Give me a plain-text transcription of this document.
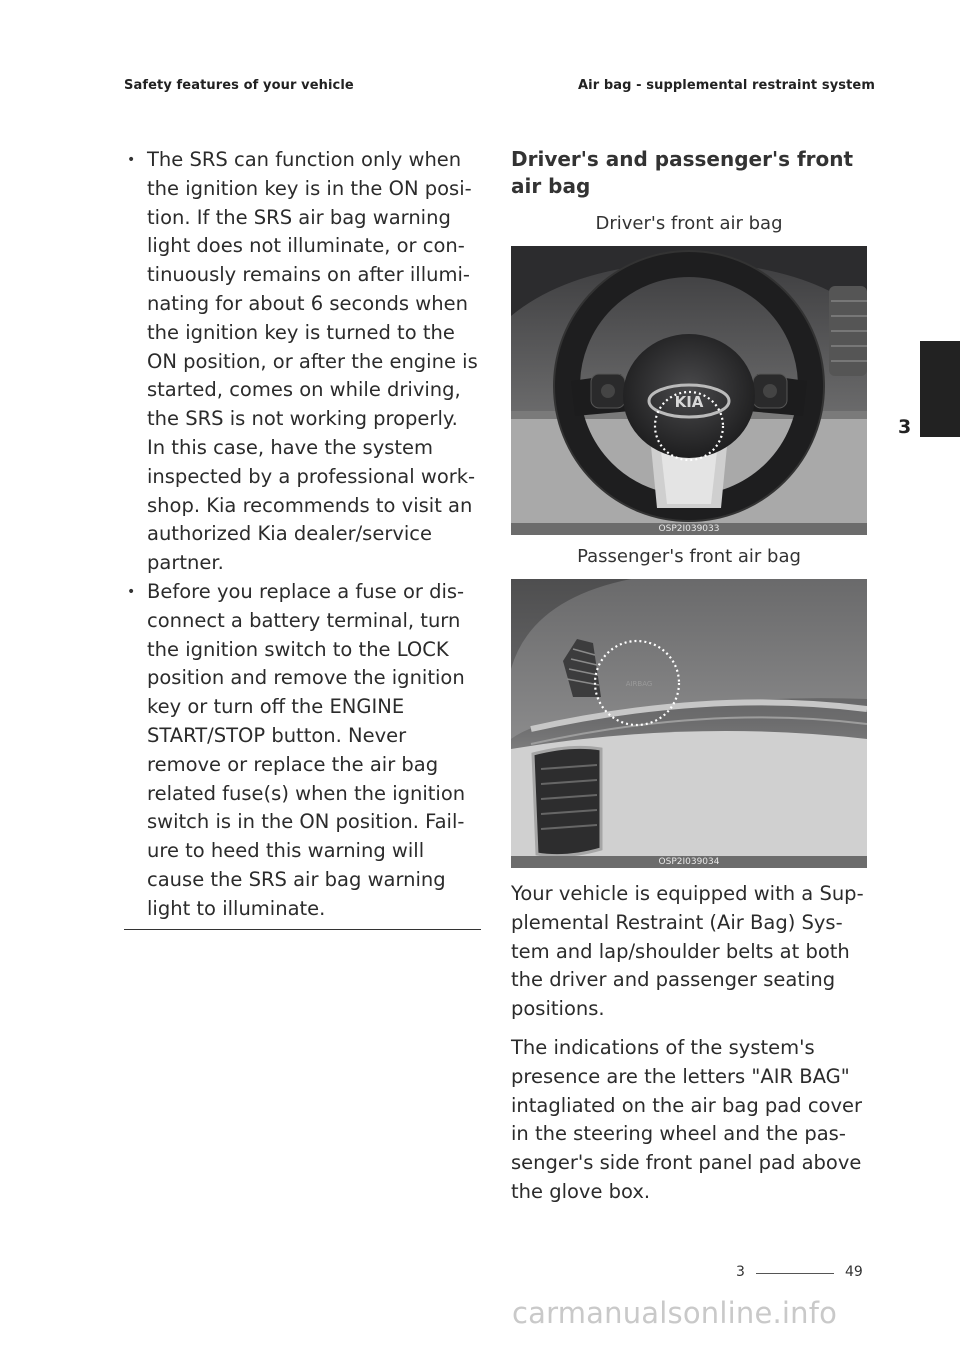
Safety features of your vehicle	Air bag - supplemental restraint system
• The SRS can function only when the ignition key is in the ON posi- tion. If the SRS air bag warning light does not illuminate, or con- tinuously remains on after illumi- nating for about 6 seconds when the ignition key is turned to the ON position, or after the engine is started, comes on while driving, the SRS is not working properly. In this case, have the system inspected by a professional work- shop. Kia recommends to visit an authorized Kia dealer/service partner.
• Before you replace a fuse or dis- connect a battery terminal, turn the ignition switch to the LOCK position and remove the ignition key or turn off the ENGINE START/STOP button. Never remove or replace the air bag related fuse(s) when the ignition switch is in the ON position. Fail- ure to heed this warning will cause the SRS air bag warning light to illuminate.
Driver's and passenger's front air bag
Driver's front air bag
KIA
OSP2I039033
Passenger's front air bag
AIRBAG
OSP2I039034

Your vehicle is equipped with a Sup- plemental Restraint (Air Bag) Sys- tem and lap/shoulder belts at both the driver and passenger seating positions.

The indications of the system's presence are the letters "AIR BAG" intagliated on the air bag pad cover in the steering wheel and the pas- senger's side front panel pad above the glove box.

3
3	49
carmanualsonline.info
